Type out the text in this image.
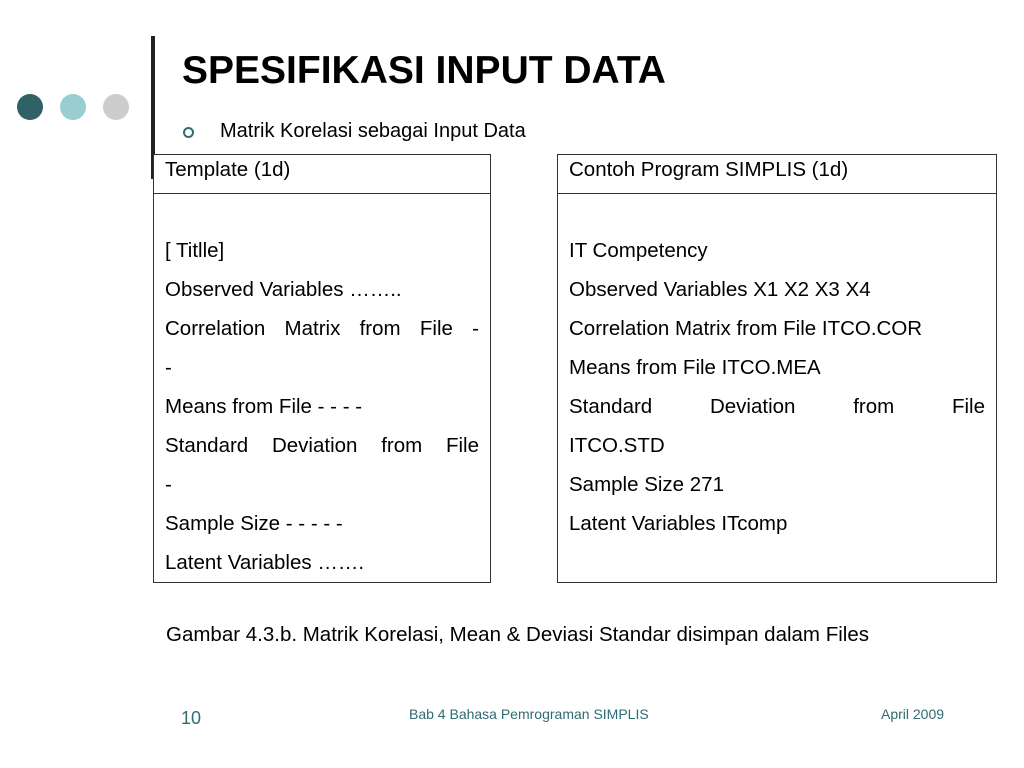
SPESIFIKASI INPUT DATA
Matrik Korelasi sebagai Input Data
Template (1d)
[ Titlle]
Observed Variables ……..
Correlation Matrix from File -
-
Means from File - - - -
Standard Deviation from File
-
Sample Size - - - - -
Latent Variables …….
Contoh Program SIMPLIS (1d)
IT Competency
Observed Variables X1 X2 X3 X4
Correlation Matrix from File ITCO.COR
Means from File ITCO.MEA
Standard Deviation from File
ITCO.STD
Sample Size 271
Latent Variables ITcomp

Gambar 4.3.b. Matrik Korelasi, Mean & Deviasi Standar disimpan dalam Files

10	Bab 4 Bahasa Pemrograman SIMPLIS	April 2009
